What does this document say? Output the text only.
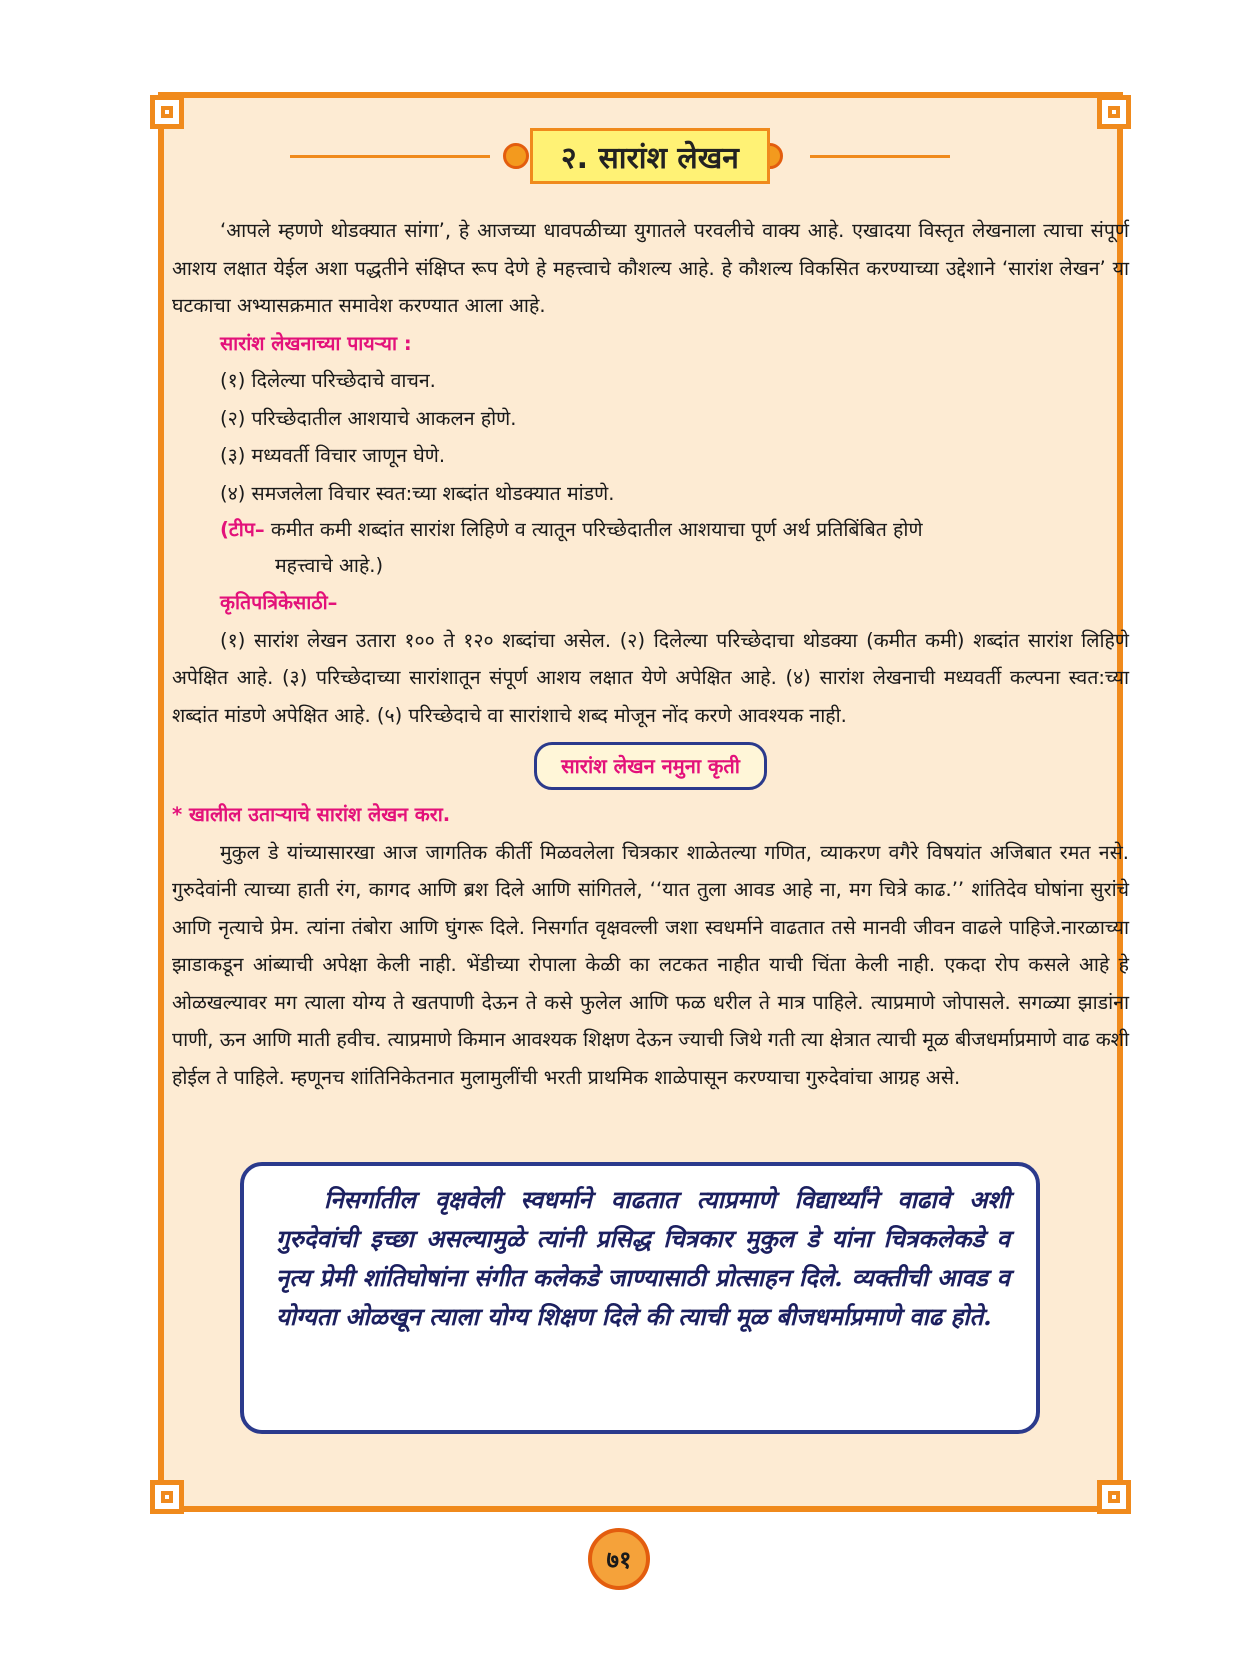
२. सारांश लेखन

‘आपले म्हणणे थोडक्यात सांगा’, हे आजच्या धावपळीच्या युगातले परवलीचे वाक्य आहे. एखादया विस्तृत लेखनाला त्याचा संपूर्ण आशय लक्षात येईल अशा पद्धतीने संक्षिप्त रूप देणे हे महत्त्वाचे कौशल्य आहे. हे कौशल्य विकसित करण्याच्या उद्देशाने ‘सारांश लेखन’ या घटकाचा अभ्यासक्रमात समावेश करण्यात आला आहे.

सारांश लेखनाच्या पायऱ्या :

(१) दिलेल्या परिच्छेदाचे वाचन.

(२) परिच्छेदातील आशयाचे आकलन होणे.

(३) मध्यवर्ती विचार जाणून घेणे.

(४) समजलेला विचार स्वत:च्या शब्दांत थोडक्यात मांडणे.

(टीप– कमीत कमी शब्दांत सारांश लिहिणे व त्यातून परिच्छेदातील आशयाचा पूर्ण अर्थ प्रतिबिंबित होणे
महत्त्वाचे आहे.)

कृतिपत्रिकेसाठी–

(१) सारांश लेखन उतारा १०० ते १२० शब्दांचा असेल. (२) दिलेल्या परिच्छेदाचा थोडक्या (कमीत कमी) शब्दांत सारांश लिहिणे अपेक्षित आहे. (३) परिच्छेदाच्या सारांशातून संपूर्ण आशय लक्षात येणे अपेक्षित आहे. (४) सारांश लेखनाची मध्यवर्ती कल्पना स्वत:च्या शब्दांत मांडणे अपेक्षित आहे. (५) परिच्छेदाचे वा सारांशाचे शब्द मोजून नोंद करणे आवश्यक नाही.

सारांश लेखन नमुना कृती

* खालील उताऱ्याचे सारांश लेखन करा.

मुकुल डे यांच्यासारखा आज जागतिक कीर्ती मिळवलेला चित्रकार शाळेतल्या गणित, व्याकरण वगैरे विषयांत अजिबात रमत नसे. गुरुदेवांनी त्याच्या हाती रंग, कागद आणि ब्रश दिले आणि सांगितले, ‘‘यात तुला आवड आहे ना, मग चित्रे काढ.’’ शांतिदेव घोषांना सुरांचे आणि नृत्याचे प्रेम. त्यांना तंबोरा आणि घुंगरू दिले. निसर्गात वृक्षवल्ली जशा स्वधर्माने वाढतात तसे मानवी जीवन वाढले पाहिजे.नारळाच्या झाडाकडून आंब्याची अपेक्षा केली नाही. भेंडीच्या रोपाला केळी का लटकत नाहीत याची चिंता केली नाही. एकदा रोप कसले आहे हे ओळखल्यावर मग त्याला योग्य ते खतपाणी देऊन ते कसे फुलेल आणि फळ धरील ते मात्र पाहिले. त्याप्रमाणे जोपासले. सगळ्या झाडांना पाणी, ऊन आणि माती हवीच. त्याप्रमाणे किमान आवश्यक शिक्षण देऊन ज्याची जिथे गती त्या क्षेत्रात त्याची मूळ बीजधर्माप्रमाणे वाढ कशी होईल ते पाहिले. म्हणूनच शांतिनिकेतनात मुलामुलींची भरती प्राथमिक शाळेपासून करण्याचा गुरुदेवांचा आग्रह असे.

निसर्गातील वृक्षवेली स्वधर्माने वाढतात त्याप्रमाणे विद्यार्थ्यांने वाढावे अशी गुरुदेवांची इच्छा असल्यामुळे त्यांनी प्रसिद्ध चित्रकार मुकुल डे यांना चित्रकलेकडे व नृत्य प्रेमी शांतिघोषांना संगीत कलेकडे जाण्यासाठी प्रोत्साहन दिले. व्यक्तीची आवड व योग्यता ओळखून त्याला योग्य शिक्षण दिले की त्याची मूळ बीजधर्माप्रमाणे वाढ होते.

७१
